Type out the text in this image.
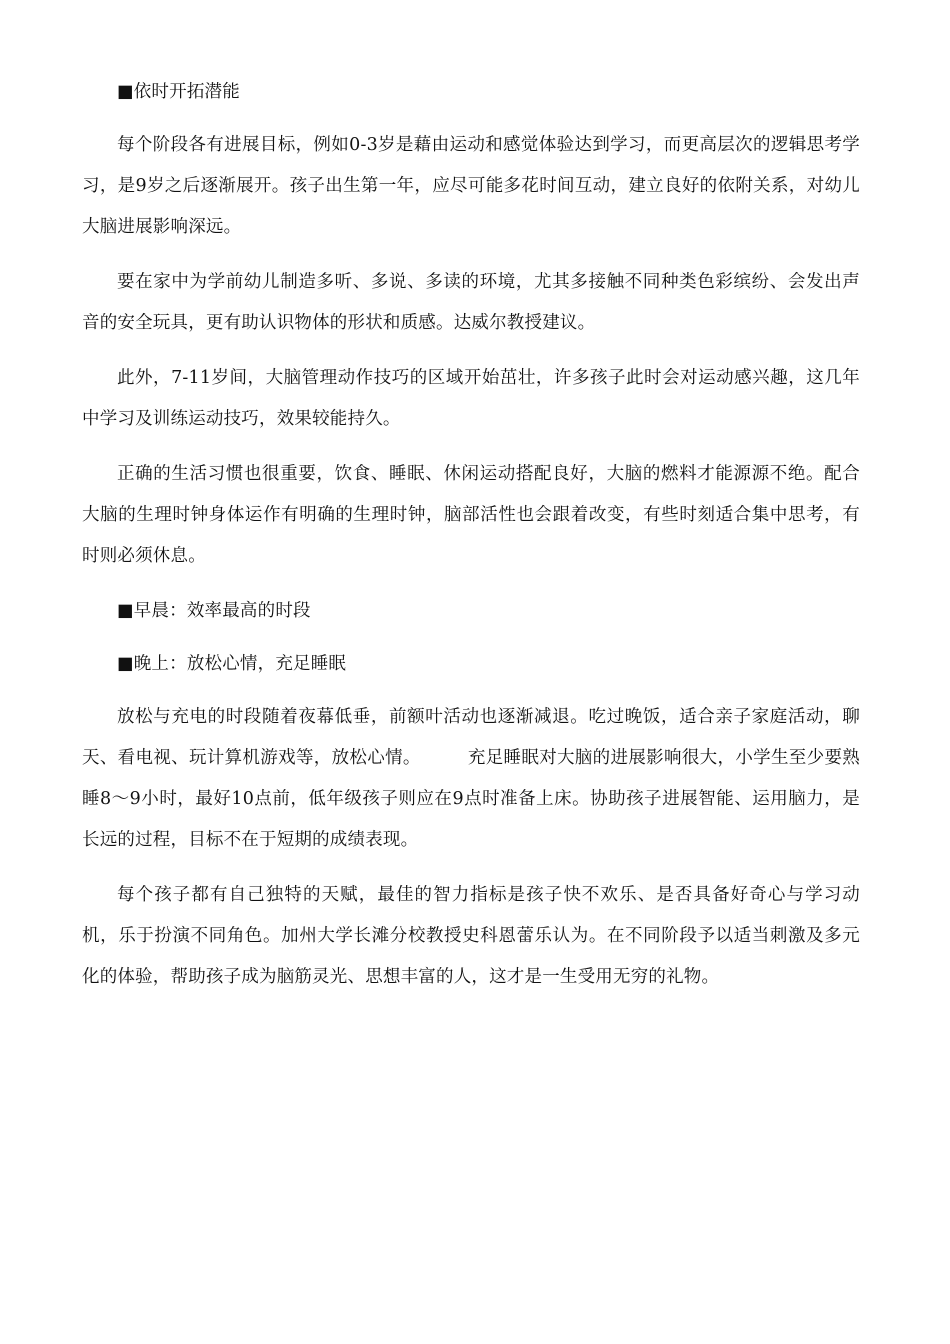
■依时开拓潜能

每个阶段各有进展目标，例如0-3岁是藉由运动和感觉体验达到学习，而更高层次的逻辑思考学习，是9岁之后逐渐展开。孩子出生第一年，应尽可能多花时间互动，建立良好的依附关系，对幼儿大脑进展影响深远。

要在家中为学前幼儿制造多听、多说、多读的环境，尤其多接触不同种类色彩缤纷、会发出声音的安全玩具，更有助认识物体的形状和质感。达威尔教授建议。

此外，7-11岁间，大脑管理动作技巧的区域开始茁壮，许多孩子此时会对运动感兴趣，这几年中学习及训练运动技巧，效果较能持久。

正确的生活习惯也很重要，饮食、睡眠、休闲运动搭配良好，大脑的燃料才能源源不绝。配合大脑的生理时钟身体运作有明确的生理时钟，脑部活性也会跟着改变，有些时刻适合集中思考，有时则必须休息。

■早晨：效率最高的时段

■晚上：放松心情，充足睡眠

放松与充电的时段随着夜幕低垂，前额叶活动也逐渐减退。吃过晚饭，适合亲子家庭活动，聊天、看电视、玩计算机游戏等，放松心情。        充足睡眠对大脑的进展影响很大，小学生至少要熟睡8～9小时，最好10点前，低年级孩子则应在9点时准备上床。协助孩子进展智能、运用脑力，是长远的过程，目标不在于短期的成绩表现。

每个孩子都有自己独特的天赋，最佳的智力指标是孩子快不欢乐、是否具备好奇心与学习动机，乐于扮演不同角色。加州大学长滩分校教授史科恩蕾乐认为。在不同阶段予以适当刺激及多元化的体验，帮助孩子成为脑筋灵光、思想丰富的人，这才是一生受用无穷的礼物。
